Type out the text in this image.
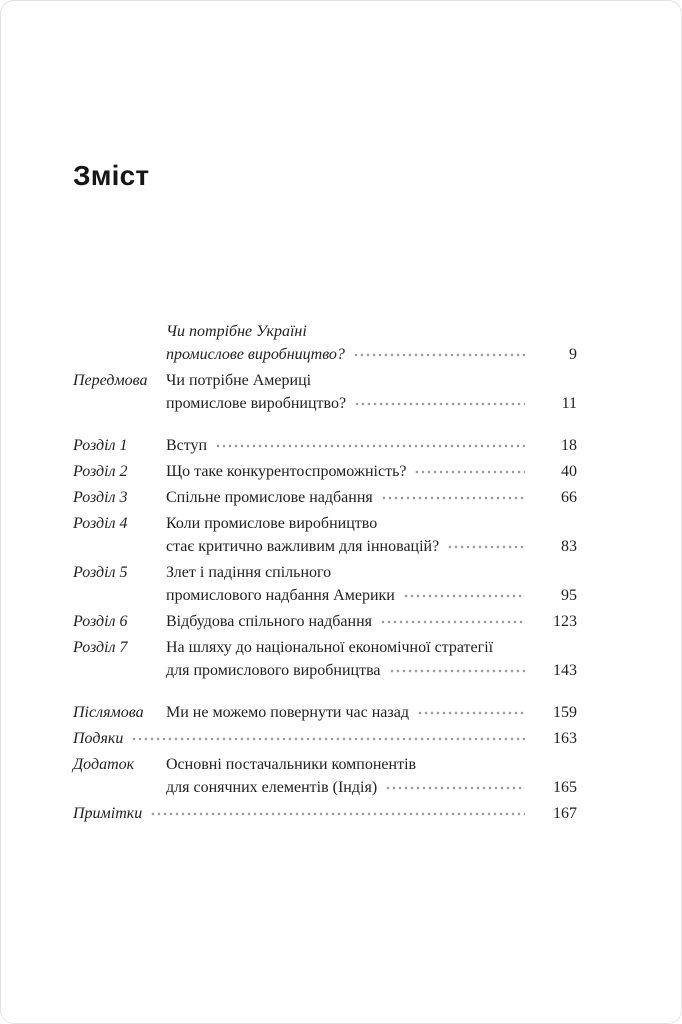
Зміст
Чи потрібне Україні
промислове виробництво?	9
Передмова	Чи потрібне Америці
промислове виробництво?	11
Розділ 1	Вступ	18
Розділ 2	Що таке конкурентоспроможність?	40
Розділ 3	Спільне промислове надбання	66
Розділ 4	Коли промислове виробництво
стає критично важливим для інновацій?	83
Розділ 5	Злет і падіння спільного
промислового надбання Америки	95
Розділ 6	Відбудова спільного надбання	123
Розділ 7	На шляху до національної економічної стратегії
для промислового виробництва	143
Післямова	Ми не можемо повернути час назад	159
Подяки	163
Додаток	Основні постачальники компонентів
для сонячних елементів (Індія)	165
Примітки	167
